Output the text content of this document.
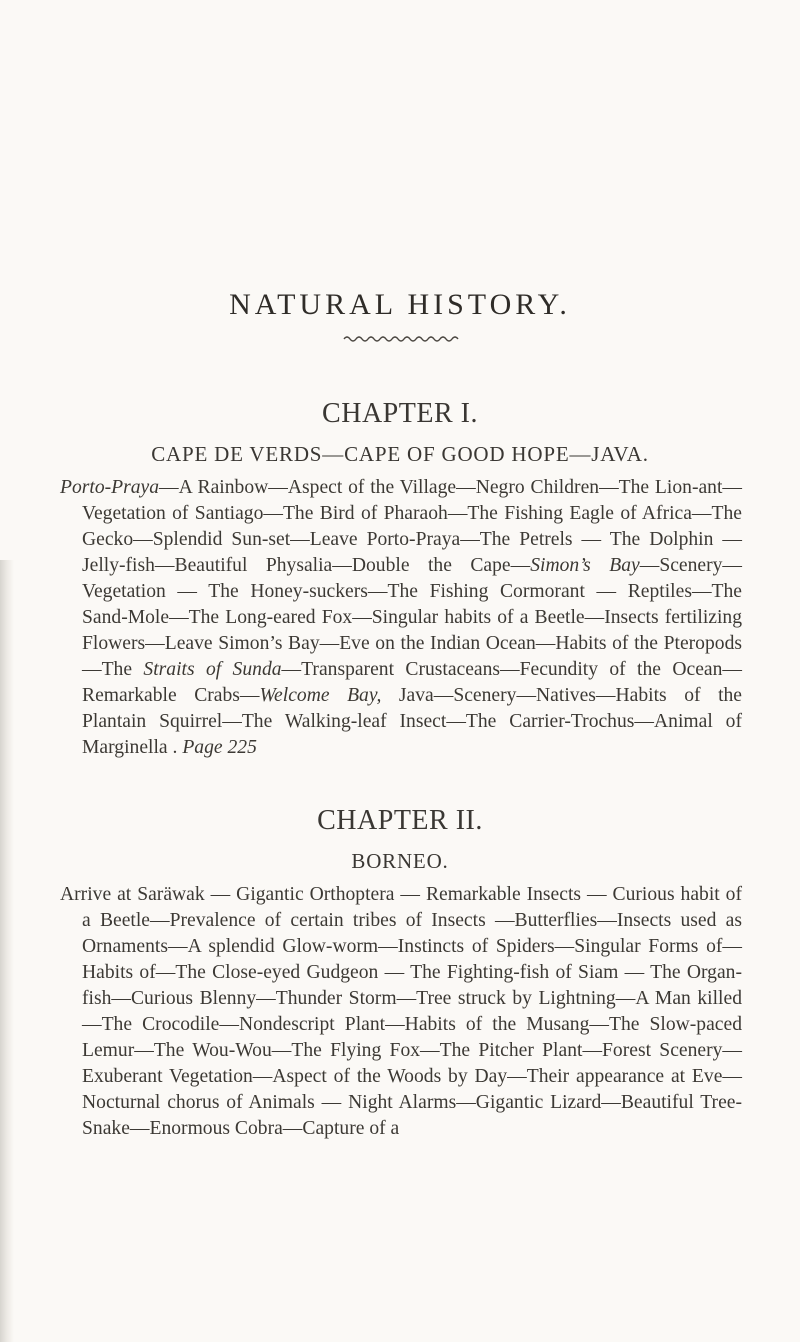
NATURAL HISTORY.
CHAPTER I.
CAPE DE VERDS—CAPE OF GOOD HOPE—JAVA.

Porto-Praya—A Rainbow—Aspect of the Village—Negro Children—The Lion-ant—Vegetation of Santiago—The Bird of Pharaoh—The Fishing Eagle of Africa—The Gecko—Splendid Sun-set—Leave Porto-Praya—The Petrels — The Dolphin — Jelly-fish—Beautiful Physalia—Double the Cape—Simon’s Bay—Scenery—Vegetation — The Honey-suckers—The Fishing Cormorant — Reptiles—The Sand-Mole—The Long-eared Fox—Singular habits of a Beetle—Insects fertilizing Flowers—Leave Simon’s Bay—Eve on the Indian Ocean—Habits of the Pteropods—The Straits of Sunda—Transparent Crustaceans—Fecundity of the Ocean—Remarkable Crabs—Welcome Bay, Java—Scenery—Natives—Habits of the Plantain Squirrel—The Walking-leaf Insect—The Carrier-Trochus—Animal of Marginella . Page 225

CHAPTER II.
BORNEO.

Arrive at Saräwak — Gigantic Orthoptera — Remarkable Insects — Curious habit of a Beetle—Prevalence of certain tribes of Insects —Butterflies—Insects used as Ornaments—A splendid Glow-worm—Instincts of Spiders—Singular Forms of—Habits of—The Close-eyed Gudgeon — The Fighting-fish of Siam — The Organ-fish—Curious Blenny—Thunder Storm—Tree struck by Lightning—A Man killed—The Crocodile—Nondescript Plant—Habits of the Musang—The Slow-paced Lemur—The Wou-Wou—The Flying Fox—The Pitcher Plant—Forest Scenery—Exuberant Vegetation—Aspect of the Woods by Day—Their appearance at Eve—Nocturnal chorus of Animals — Night Alarms—Gigantic Lizard—Beautiful Tree-Snake—Enormous Cobra—Capture of a
